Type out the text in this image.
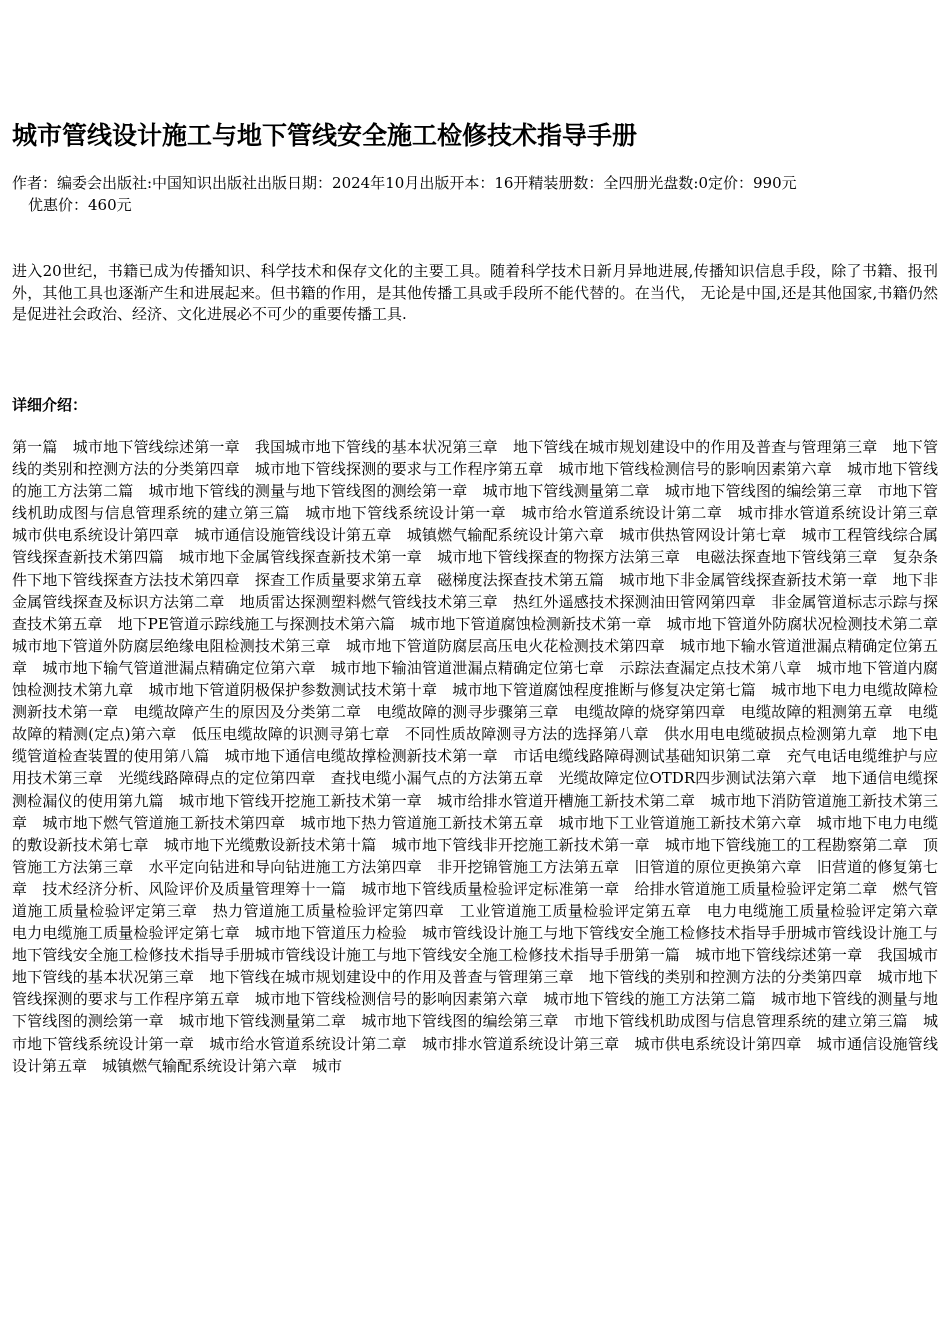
城市管线设计施工与地下管线安全施工检修技术指导手册
作者：编委会出版社:中国知识出版社出版日期：2024年10月出版开本：16开精装册数：全四册光盘数:0定价：990元
优惠价：460元

进入20世纪，书籍已成为传播知识、科学技术和保存文化的主要工具。随着科学技术日新月异地进展,传播知识信息手段，除了书籍、报刊外，其他工具也逐渐产生和进展起来。但书籍的作用，是其他传播工具或手段所不能代替的。在当代， 无论是中国,还是其他国家,书籍仍然是促进社会政治、经济、文化进展必不可少的重要传播工具.

详细介绍：

第一篇　城市地下管线综述第一章　我国城市地下管线的基本状况第三章　地下管线在城市规划建设中的作用及普查与管理第三章　地下管线的类别和控测方法的分类第四章　城市地下管线探测的要求与工作程序第五章　城市地下管线检测信号的影响因素第六章　城市地下管线的施工方法第二篇　城市地下管线的测量与地下管线图的测绘第一章　城市地下管线测量第二章　城市地下管线图的编绘第三章　市地下管线机助成图与信息管理系统的建立第三篇　城市地下管线系统设计第一章　城市给水管道系统设计第二章　城市排水管道系统设计第三章　城市供电系统设计第四章　城市通信设施管线设计第五章　城镇燃气输配系统设计第六章　城市供热管网设计第七章　城市工程管线综合属管线探查新技术第四篇　城市地下金属管线探查新技术第一章　城市地下管线探查的物探方法第三章　电磁法探查地下管线第三章　复杂条件下地下管线探查方法技术第四章　探查工作质量要求第五章　磁梯度法探查技术第五篇　城市地下非金属管线探查新技术第一章　地下非金属管线探查及标识方法第二章　地质雷达探测塑料燃气管线技术第三章　热红外遥感技术探测油田管网第四章　非金属管道标志示踪与探查技术第五章　地下PE管道示踪线施工与探测技术第六篇　城市地下管道腐蚀检测新技术第一章　城市地下管道外防腐状况检测技术第二章　城市地下管道外防腐层绝缘电阻检测技术第三章　城市地下管道防腐层高压电火花检测技术第四章　城市地下输水管道泄漏点精确定位第五章　城市地下输气管道泄漏点精确定位第六章　城市地下输油管道泄漏点精确定位第七章　示踪法查漏定点技术第八章　城市地下管道内腐蚀检测技术第九章　城市地下管道阴极保护参数测试技术第十章　城市地下管道腐蚀程度推断与修复决定第七篇　城市地下电力电缆故障检测新技术第一章　电缆故障产生的原因及分类第二章　电缆故障的测寻步骤第三章　电缆故障的烧穿第四章　电缆故障的粗测第五章　电缆故障的精测(定点)第六章　低压电缆故障的识测寻第七章　不同性质故障测寻方法的选择第八章　供水用电电缆破损点检测第九章　地下电缆管道检查装置的使用第八篇　城市地下通信电缆故撑检测新技术第一章　市话电缆线路障碍测试基础知识第二章　充气电话电缆维护与应用技术第三章　光缆线路障碍点的定位第四章　查找电缆小漏气点的方法第五章　光缆故障定位OTDR四步测试法第六章　地下通信电缆探测检漏仪的使用第九篇　城市地下管线开挖施工新技术第一章　城市给排水管道开槽施工新技术第二章　城市地下消防管道施工新技术第三章　城市地下燃气管道施工新技术第四章　城市地下热力管道施工新技术第五章　城市地下工业管道施工新技术第六章　城市地下电力电缆的敷设新技术第七章　城市地下光缆敷设新技术第十篇　城市地下管线非开挖施工新技术第一章　城市地下管线施工的工程勘察第二章　顶管施工方法第三章　水平定向钻进和导向钻进施工方法第四章　非开挖锦管施工方法第五章　旧管道的原位更换第六章　旧营道的修复第七章　技术经济分析、风险评价及质量管理筹十一篇　城市地下管线质量检验评定标准第一章　给排水管道施工质量检验评定第二章　燃气管道施工质量检验评定第三章　热力管道施工质量检验评定第四章　工业管道施工质量检验评定第五章　电力电缆施工质量检验评定第六章　电力电缆施工质量检验评定第七章　城市地下管道压力检验　城市管线设计施工与地下管线安全施工检修技术指导手册城市管线设计施工与地下管线安全施工检修技术指导手册城市管线设计施工与地下管线安全施工检修技术指导手册第一篇　城市地下管线综述第一章　我国城市地下管线的基本状况第三章　地下管线在城市规划建设中的作用及普查与管理第三章　地下管线的类别和控测方法的分类第四章　城市地下管线探测的要求与工作程序第五章　城市地下管线检测信号的影响因素第六章　城市地下管线的施工方法第二篇　城市地下管线的测量与地下管线图的测绘第一章　城市地下管线测量第二章　城市地下管线图的编绘第三章　市地下管线机助成图与信息管理系统的建立第三篇　城市地下管线系统设计第一章　城市给水管道系统设计第二章　城市排水管道系统设计第三章　城市供电系统设计第四章　城市通信设施管线设计第五章　城镇燃气输配系统设计第六章　城市
